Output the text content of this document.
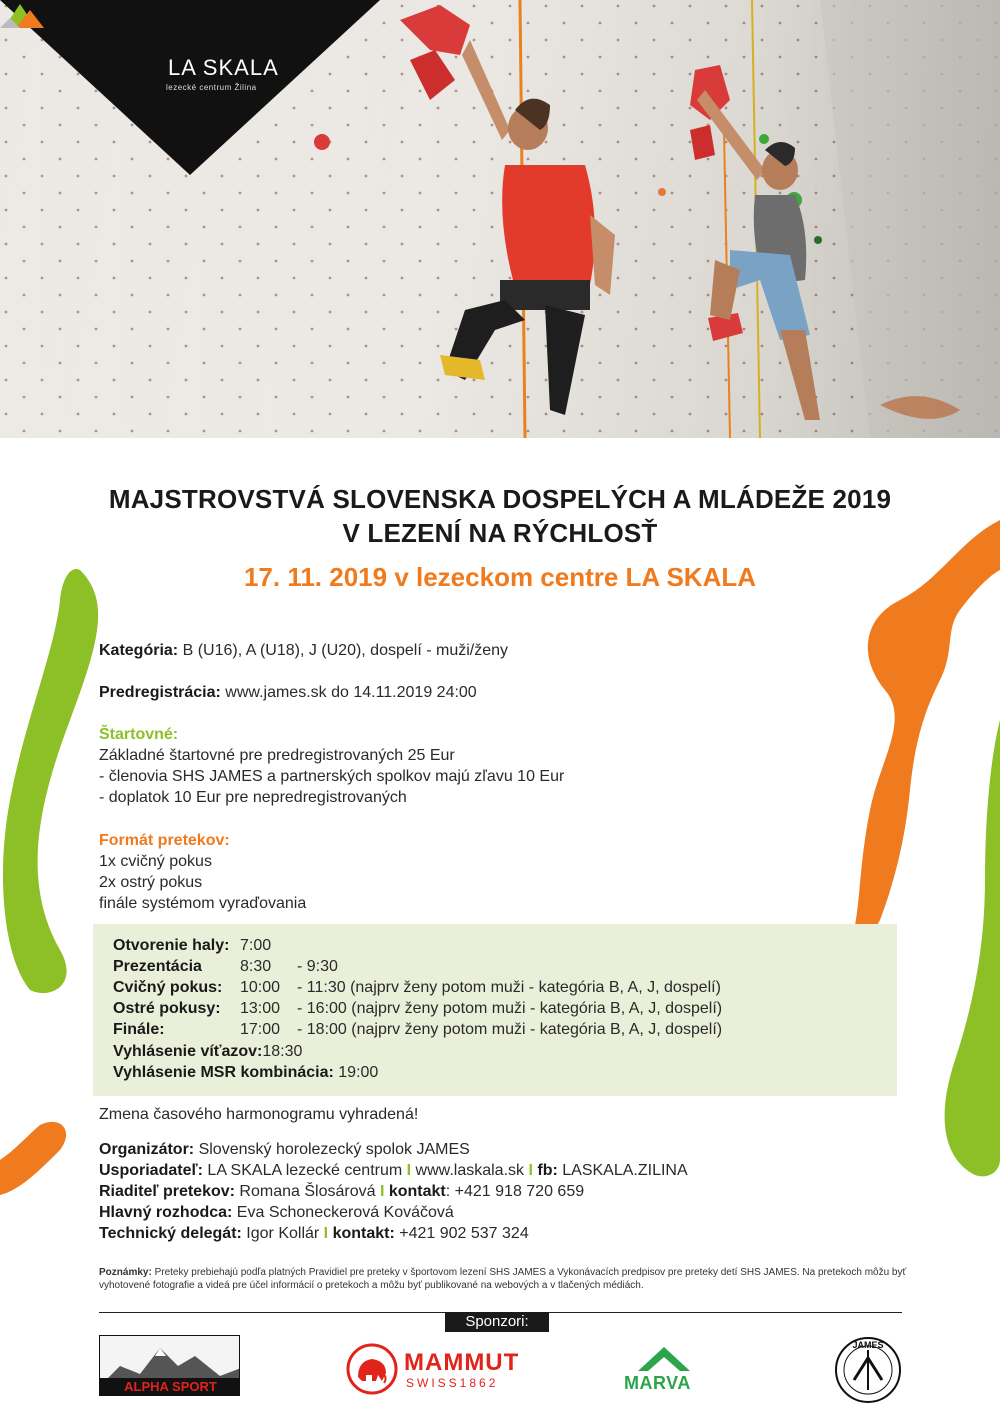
LA SKALA
lezecké centrum Žilina
MAJSTROVSTVÁ SLOVENSKA DOSPELÝCH A MLÁDEŽE 2019
V LEZENÍ NA RÝCHLOSŤ
17. 11. 2019 v lezeckom centre LA SKALA
Kategória: B (U16), A (U18), J (U20), dospelí - muži/ženy
Predregistrácia: www.james.sk do 14.11.2019 24:00
Štartovné:
Základné štartovné pre predregistrovaných 25 Eur
- členovia SHS JAMES a partnerských spolkov majú zľavu 10 Eur
- doplatok 10 Eur pre nepredregistrovaných
Formát pretekov:
1x cvičný pokus
2x ostrý pokus
finále systémom vyraďovania
Otvorenie haly: 7:00
Prezentácia 8:30 - 9:30
Cvičný pokus: 10:00 - 11:30 (najprv ženy potom muži - kategória B, A, J, dospelí)
Ostré pokusy: 13:00 - 16:00 (najprv ženy potom muži - kategória B, A, J, dospelí)
Finále:	17:00 - 18:00 (najprv ženy potom muži - kategória B, A, J, dospelí)
Vyhlásenie víťazov:18:30
Vyhlásenie MSR kombinácia: 19:00
Zmena časového harmonogramu vyhradená!
Organizátor: Slovenský horolezecký spolok JAMES
Usporiadateľ: LA SKALA lezecké centrum I www.laskala.sk I fb: LASKALA.ZILINA
Riaditeľ pretekov: Romana Šlosárová I kontakt: +421 918 720 659
Hlavný rozhodca: Eva Schoneckerová Kováčová
Technický delegát: Igor Kollár I kontakt: +421 902 537 324
Poznámky: Preteky prebiehajú podľa platných Pravidiel pre preteky v športovom lezení SHS JAMES a Vykonávacích predpisov pre preteky detí SHS JAMES. Na pretekoch môžu byť vyhotovené fotografie a videá pre účel informácií o pretekoch a môžu byť publikované na webových a v tlačených médiách.
Sponzori:
ALPHA SPORT
MAMMUT
SWISS1862	MARVA
JAMES
